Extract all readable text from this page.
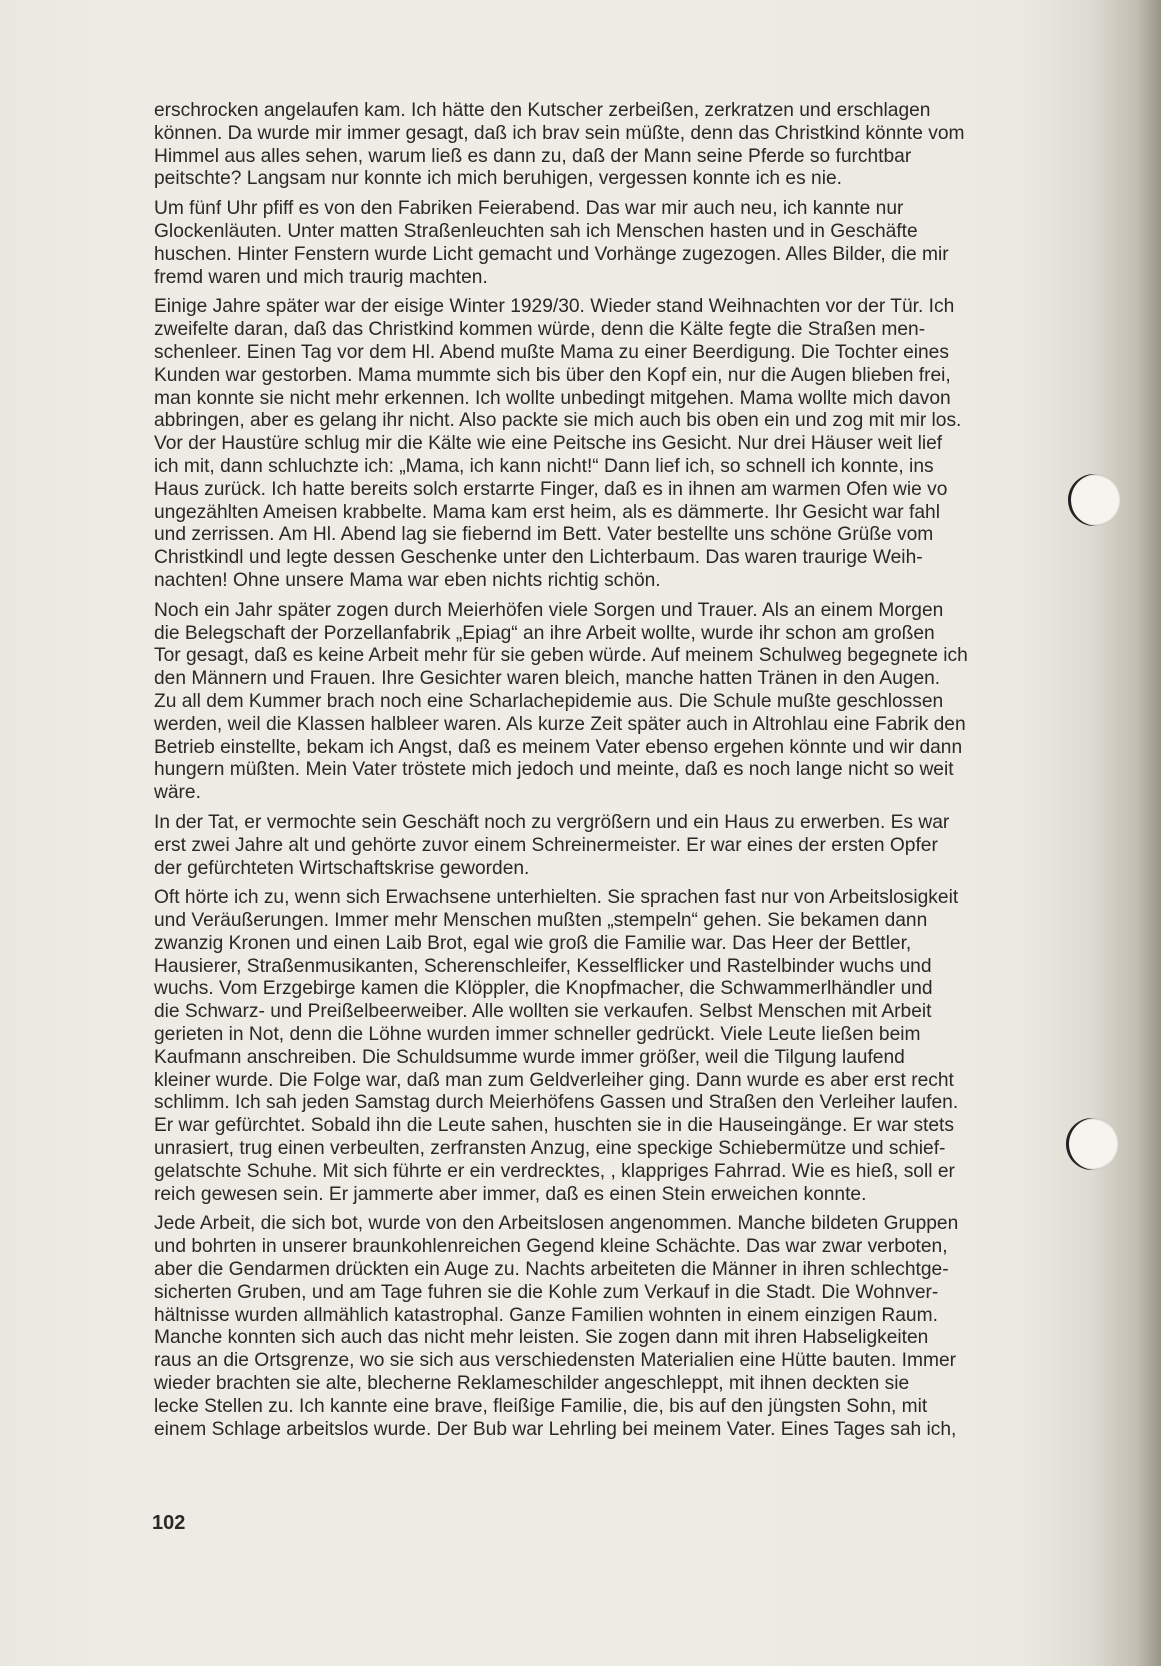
erschrocken angelaufen kam. Ich hätte den Kutscher zerbeißen, zerkratzen und erschlagen
können. Da wurde mir immer gesagt, daß ich brav sein müßte, denn das Christkind könnte vom
Himmel aus alles sehen, warum ließ es dann zu, daß der Mann seine Pferde so furchtbar
peitschte? Langsam nur konnte ich mich beruhigen, vergessen konnte ich es nie.

Um fünf Uhr pfiff es von den Fabriken Feierabend. Das war mir auch neu, ich kannte nur
Glockenläuten. Unter matten Straßenleuchten sah ich Menschen hasten und in Geschäfte
huschen. Hinter Fenstern wurde Licht gemacht und Vorhänge zugezogen. Alles Bilder, die mir
fremd waren und mich traurig machten.

Einige Jahre später war der eisige Winter 1929/30. Wieder stand Weihnachten vor der Tür. Ich
zweifelte daran, daß das Christkind kommen würde, denn die Kälte fegte die Straßen men-
schenleer. Einen Tag vor dem Hl. Abend mußte Mama zu einer Beerdigung. Die Tochter eines
Kunden war gestorben. Mama mummte sich bis über den Kopf ein, nur die Augen blieben frei,
man konnte sie nicht mehr erkennen. Ich wollte unbedingt mitgehen. Mama wollte mich davon
abbringen, aber es gelang ihr nicht. Also packte sie mich auch bis oben ein und zog mit mir los.
Vor der Haustüre schlug mir die Kälte wie eine Peitsche ins Gesicht. Nur drei Häuser weit lief
ich mit, dann schluchzte ich: „Mama, ich kann nicht!“ Dann lief ich, so schnell ich konnte, ins
Haus zurück. Ich hatte bereits solch erstarrte Finger, daß es in ihnen am warmen Ofen wie vo
ungezählten Ameisen krabbelte. Mama kam erst heim, als es dämmerte. Ihr Gesicht war fahl
und zerrissen. Am Hl. Abend lag sie fiebernd im Bett. Vater bestellte uns schöne Grüße vom
Christkindl und legte dessen Geschenke unter den Lichterbaum. Das waren traurige Weih-
nachten! Ohne unsere Mama war eben nichts richtig schön.

Noch ein Jahr später zogen durch Meierhöfen viele Sorgen und Trauer. Als an einem Morgen
die Belegschaft der Porzellanfabrik „Epiag“ an ihre Arbeit wollte, wurde ihr schon am großen
Tor gesagt, daß es keine Arbeit mehr für sie geben würde. Auf meinem Schulweg begegnete ich
den Männern und Frauen. Ihre Gesichter waren bleich, manche hatten Tränen in den Augen.
Zu all dem Kummer brach noch eine Scharlachepidemie aus. Die Schule mußte geschlossen
werden, weil die Klassen halbleer waren. Als kurze Zeit später auch in Altrohlau eine Fabrik den
Betrieb einstellte, bekam ich Angst, daß es meinem Vater ebenso ergehen könnte und wir dann
hungern müßten. Mein Vater tröstete mich jedoch und meinte, daß es noch lange nicht so weit
wäre.

In der Tat, er vermochte sein Geschäft noch zu vergrößern und ein Haus zu erwerben. Es war
erst zwei Jahre alt und gehörte zuvor einem Schreinermeister. Er war eines der ersten Opfer
der gefürchteten Wirtschaftskrise geworden.

Oft hörte ich zu, wenn sich Erwachsene unterhielten. Sie sprachen fast nur von Arbeitslosigkeit
und Veräußerungen. Immer mehr Menschen mußten „stempeln“ gehen. Sie bekamen dann
zwanzig Kronen und einen Laib Brot, egal wie groß die Familie war. Das Heer der Bettler,
Hausierer, Straßenmusikanten, Scherenschleifer, Kesselflicker und Rastelbinder wuchs und
wuchs. Vom Erzgebirge kamen die Klöppler, die Knopfmacher, die Schwammerlhändler und
die Schwarz- und Preißelbeerweiber. Alle wollten sie verkaufen. Selbst Menschen mit Arbeit
gerieten in Not, denn die Löhne wurden immer schneller gedrückt. Viele Leute ließen beim
Kaufmann anschreiben. Die Schuldsumme wurde immer größer, weil die Tilgung laufend
kleiner wurde. Die Folge war, daß man zum Geldverleiher ging. Dann wurde es aber erst recht
schlimm. Ich sah jeden Samstag durch Meierhöfens Gassen und Straßen den Verleiher laufen.
Er war gefürchtet. Sobald ihn die Leute sahen, huschten sie in die Hauseingänge. Er war stets
unrasiert, trug einen verbeulten, zerfransten Anzug, eine speckige Schiebermütze und schief-
gelatschte Schuhe. Mit sich führte er ein verdrecktes, , klappriges Fahrrad. Wie es hieß, soll er
reich gewesen sein. Er jammerte aber immer, daß es einen Stein erweichen konnte.

Jede Arbeit, die sich bot, wurde von den Arbeitslosen angenommen. Manche bildeten Gruppen
und bohrten in unserer braunkohlenreichen Gegend kleine Schächte. Das war zwar verboten,
aber die Gendarmen drückten ein Auge zu. Nachts arbeiteten die Männer in ihren schlechtge-
sicherten Gruben, und am Tage fuhren sie die Kohle zum Verkauf in die Stadt. Die Wohnver-
hältnisse wurden allmählich katastrophal. Ganze Familien wohnten in einem einzigen Raum.
Manche konnten sich auch das nicht mehr leisten. Sie zogen dann mit ihren Habseligkeiten
raus an die Ortsgrenze, wo sie sich aus verschiedensten Materialien eine Hütte bauten. Immer
wieder brachten sie alte, blecherne Reklameschilder angeschleppt, mit ihnen deckten sie
lecke Stellen zu. Ich kannte eine brave, fleißige Familie, die, bis auf den jüngsten Sohn, mit
einem Schlage arbeitslos wurde. Der Bub war Lehrling bei meinem Vater. Eines Tages sah ich,

102
